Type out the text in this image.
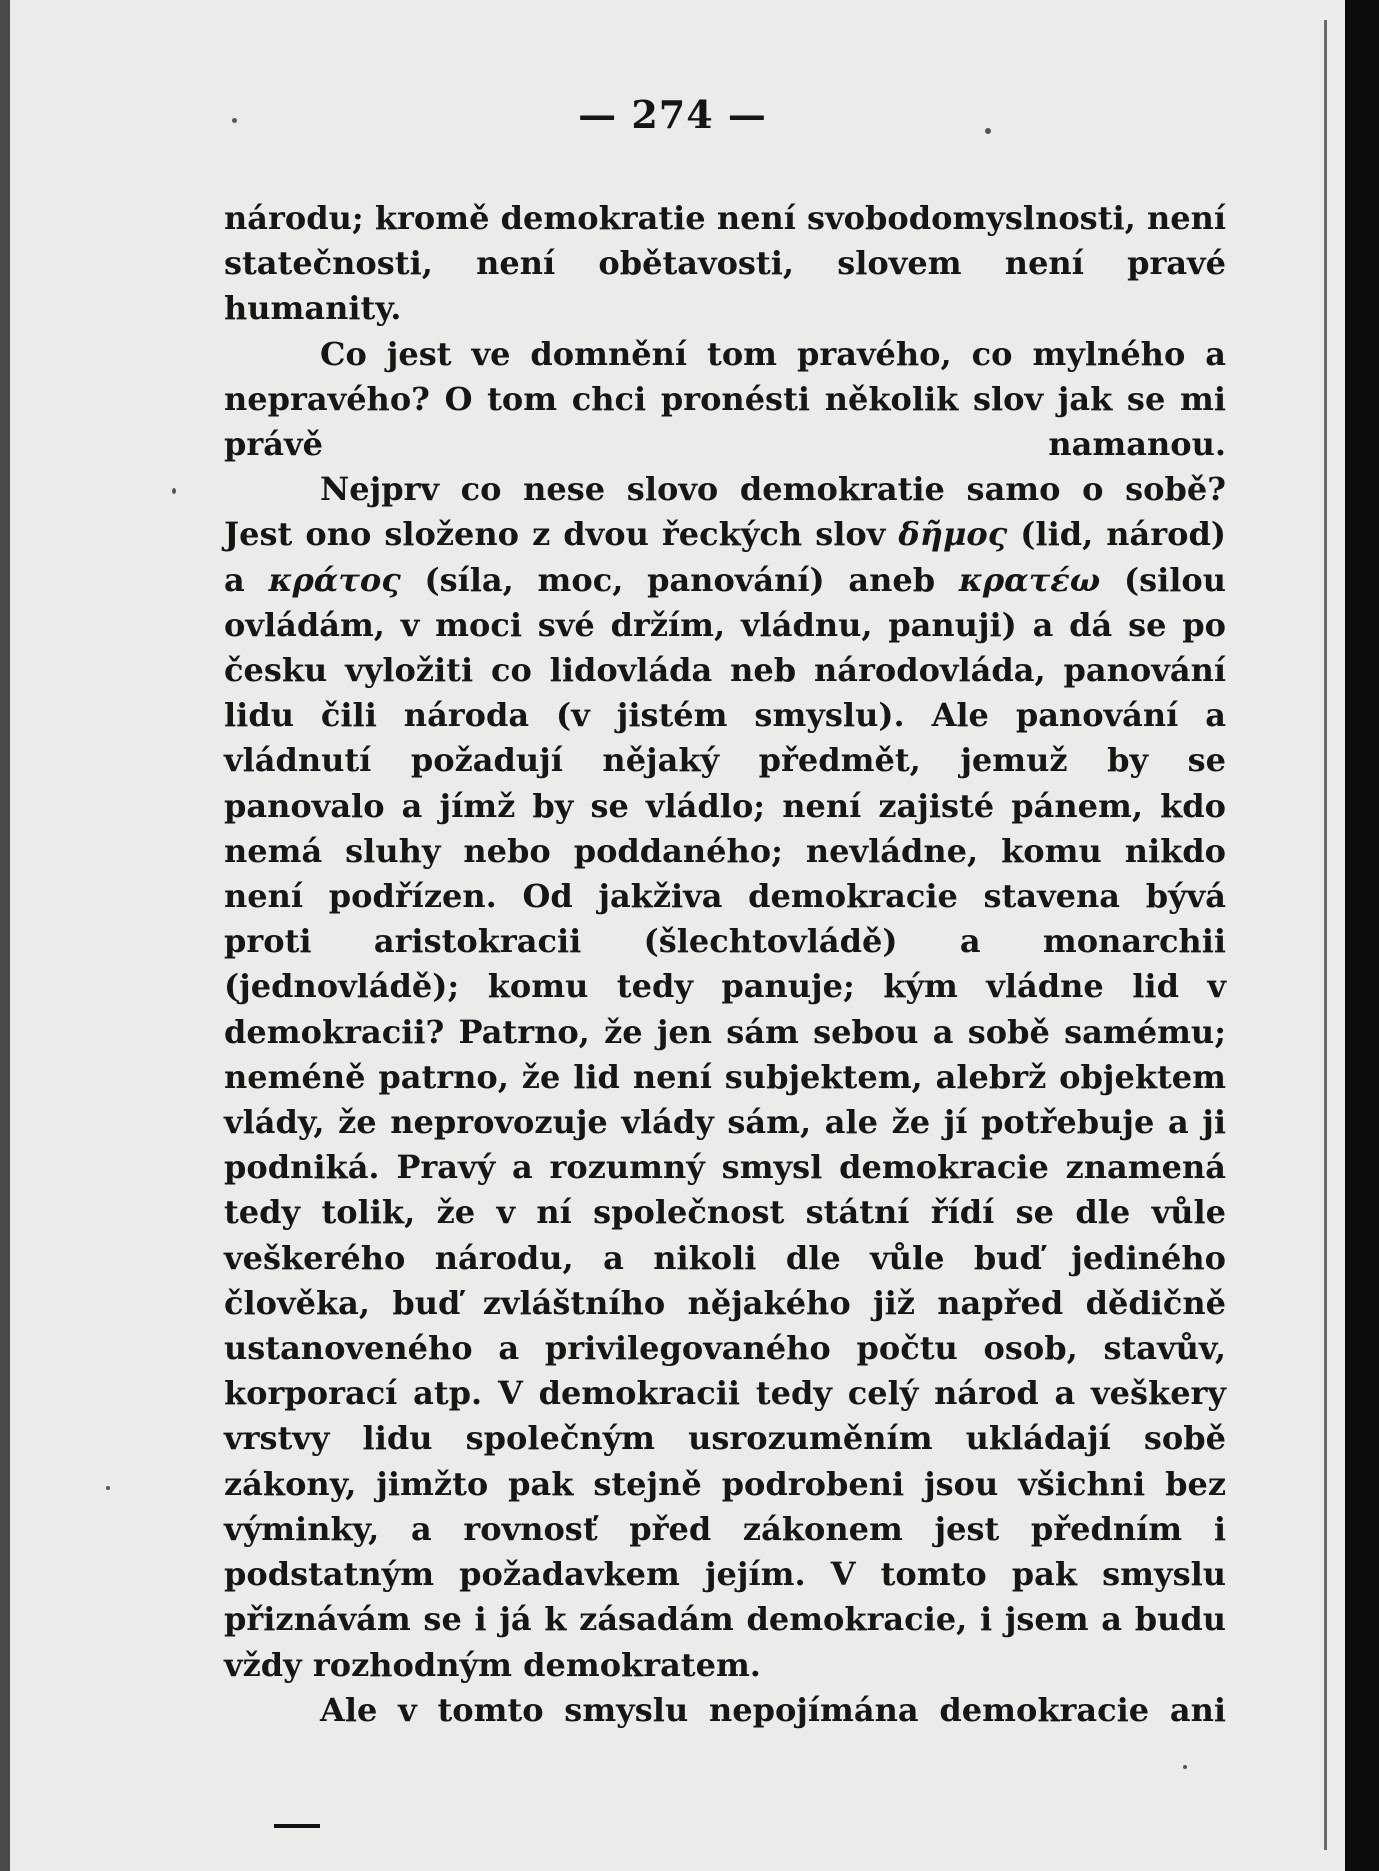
— 274 —

národu; kromě demokratie není svobodomyslnosti, není statečnosti, není obětavosti, slovem není pravé humanity.

Co jest ve domnění tom pravého, co mylného a nepravého? O tom chci pronésti několik slov jak se mi právě namanou.

Nejprv co nese slovo demokratie samo o sobě? Jest ono složeno z dvou řeckých slov δῆμος (lid, národ) a κράτος (síla, moc, panování) aneb κρατέω (silou ovládám, v moci své držím, vládnu, panuji) a dá se po česku vyložiti co lidovláda neb národovláda, panování lidu čili národa (v jistém smyslu). Ale panování a vládnutí požadují nějaký předmět, jemuž by se panovalo a jímž by se vládlo; není zajisté pánem, kdo nemá sluhy nebo poddaného; nevládne, komu nikdo není podřízen. Od jakživa demokracie stavena bývá proti aristokracii (šlechtovládě) a monarchii (jednovládě); komu tedy panuje; kým vládne lid v demokracii? Patrno, že jen sám sebou a sobě samému; neméně patrno, že lid není subjektem, alebrž objektem vlády, že neprovozuje vlády sám, ale že jí potřebuje a ji podniká. Pravý a rozumný smysl demokracie znamená tedy tolik, že v ní společnost státní řídí se dle vůle veškerého národu, a nikoli dle vůle buď jediného člověka, buď zvláštního nějakého již napřed dědičně ustanoveného a privilegovaného počtu osob, stavův, korporací atp. V demokracii tedy celý národ a veškery vrstvy lidu společným usrozuměním ukládají sobě zákony, jimžto pak stejně podrobeni jsou všichni bez výminky, a rovnosť před zákonem jest předním i podstatným požadavkem jejím. V tomto pak smyslu přiznávám se i já k zásadám demokracie, i jsem a budu vždy rozhodným demokratem.

Ale v tomto smyslu nepojímána demokracie ani
